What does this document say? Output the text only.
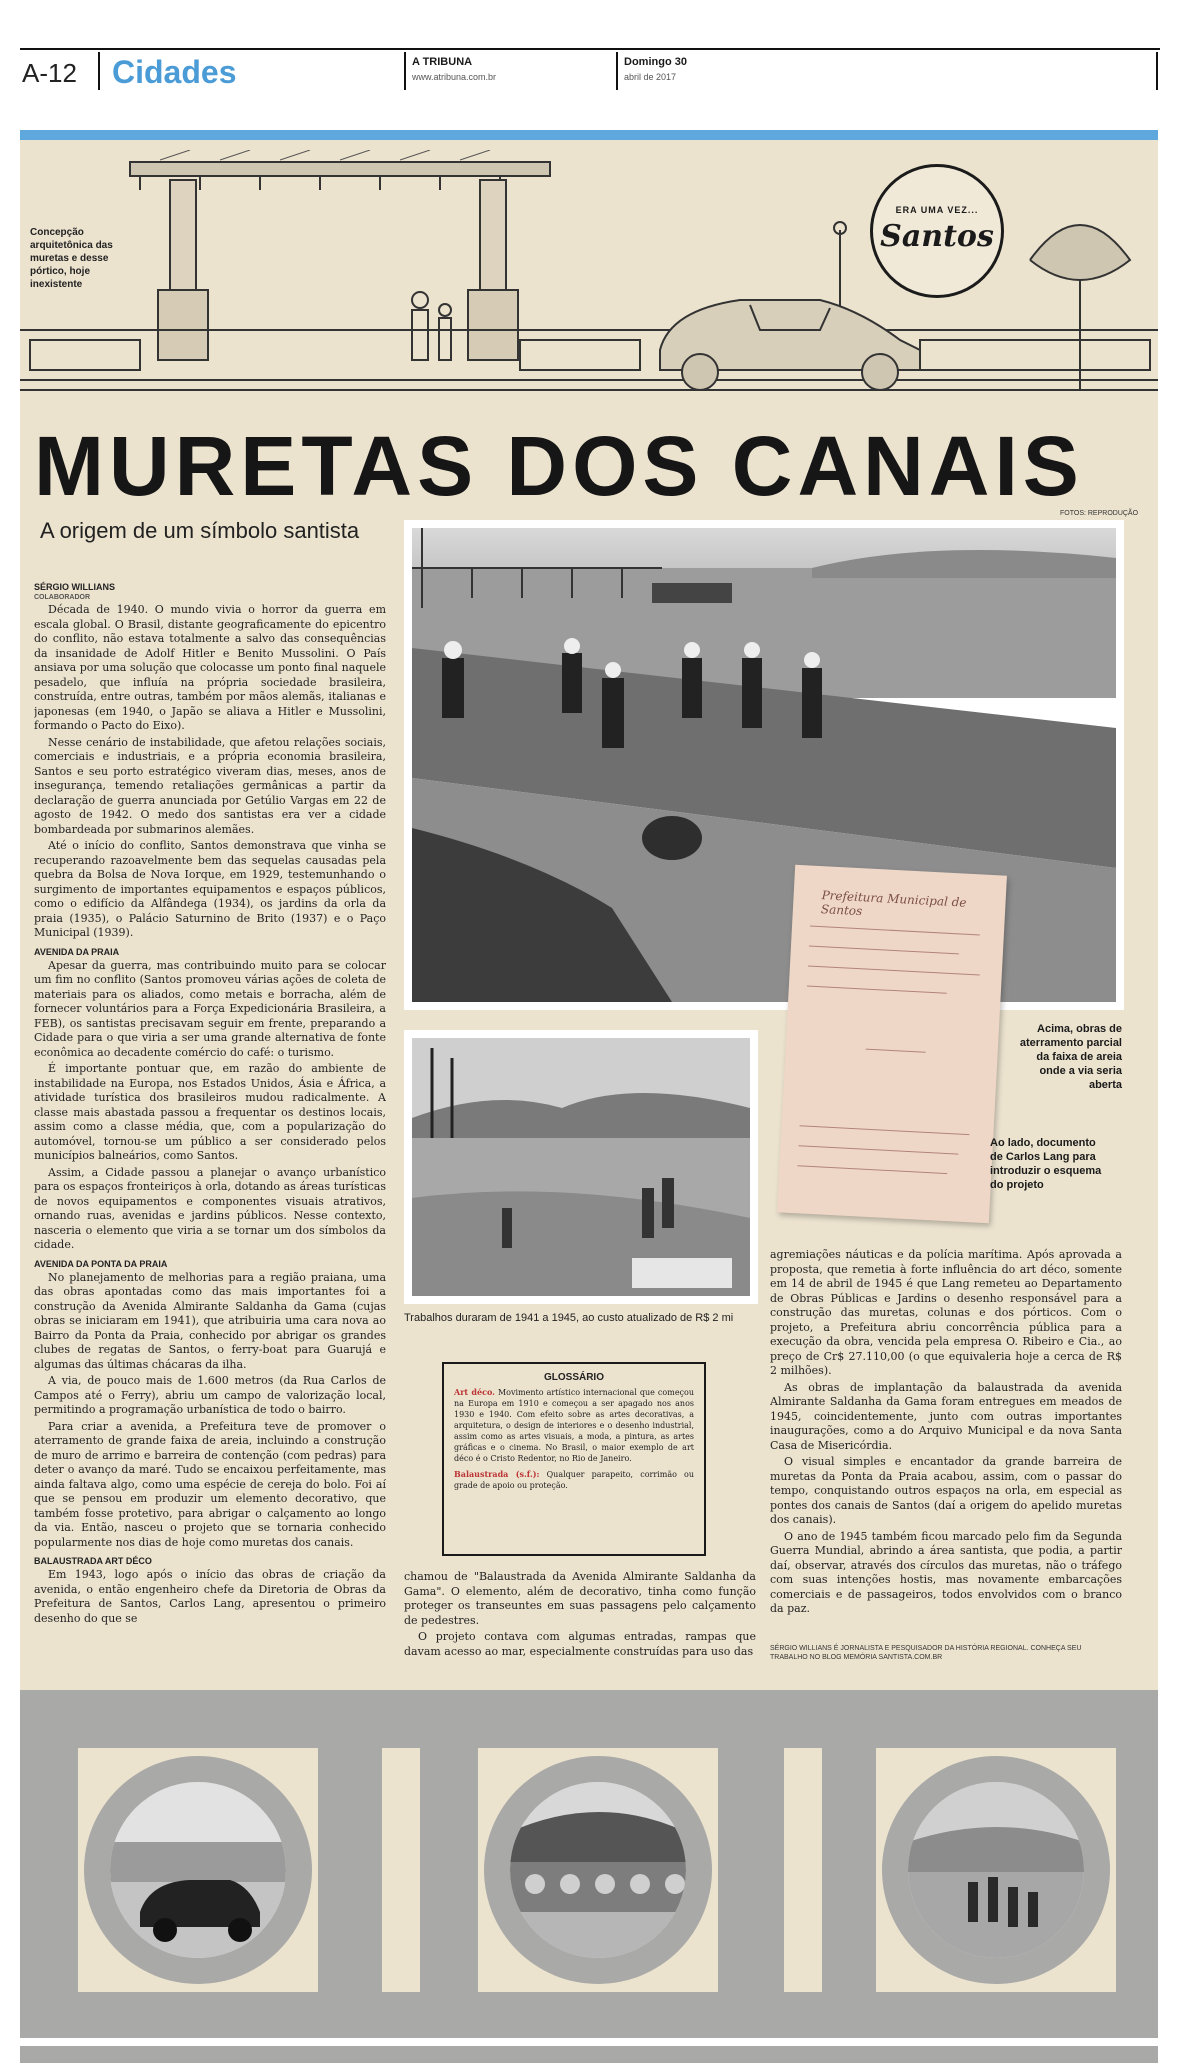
A-12 Cidades	A TRIBUNA
www.atribuna.com.br
Domingo 30
abril de 2017
Concepção arquitetônica das muretas e desse pórtico, hoje inexistente
ERA UMA VEZ...
Santos
MURETAS DOS CANAIS
FOTOS: REPRODUÇÃO
A origem de um símbolo santista

SÉRGIO WILLIANS

COLABORADOR

Década de 1940. O mundo vivia o horror da guerra em escala global. O Brasil, distante geograficamente do epicentro do conflito, não estava totalmente a salvo das consequências da insanidade de Adolf Hitler e Benito Mussolini. O País ansiava por uma solução que colocasse um ponto final naquele pesadelo, que influía na própria sociedade brasileira, construída, entre outras, também por mãos alemãs, italianas e japonesas (em 1940, o Japão se aliava a Hitler e Mussolini, formando o Pacto do Eixo).

Nesse cenário de instabilidade, que afetou relações sociais, comerciais e industriais, e a própria economia brasileira, Santos e seu porto estratégico viveram dias, meses, anos de insegurança, temendo retaliações germânicas a partir da declaração de guerra anunciada por Getúlio Vargas em 22 de agosto de 1942. O medo dos santistas era ver a cidade bombardeada por submarinos alemães.

Até o início do conflito, Santos demonstrava que vinha se recuperando razoavelmente bem das sequelas causadas pela quebra da Bolsa de Nova Iorque, em 1929, testemunhando o surgimento de importantes equipamentos e espaços públicos, como o edifício da Alfândega (1934), os jardins da orla da praia (1935), o Palácio Saturnino de Brito (1937) e o Paço Municipal (1939).

AVENIDA DA PRAIA

Apesar da guerra, mas contribuindo muito para se colocar um fim no conflito (Santos promoveu várias ações de coleta de materiais para os aliados, como metais e borracha, além de fornecer voluntários para a Força Expedicionária Brasileira, a FEB), os santistas precisavam seguir em frente, preparando a Cidade para o que viria a ser uma grande alternativa de fonte econômica ao decadente comércio do café: o turismo.

É importante pontuar que, em razão do ambiente de instabilidade na Europa, nos Estados Unidos, Ásia e África, a atividade turística dos brasileiros mudou radicalmente. A classe mais abastada passou a frequentar os destinos locais, assim como a classe média, que, com a popularização do automóvel, tornou-se um público a ser considerado pelos municípios balneários, como Santos.

Assim, a Cidade passou a planejar o avanço urbanístico para os espaços fronteiriços à orla, dotando as áreas turísticas de novos equipamentos e componentes visuais atrativos, ornando ruas, avenidas e jardins públicos. Nesse contexto, nasceria o elemento que viria a se tornar um dos símbolos da cidade.

AVENIDA DA PONTA DA PRAIA

No planejamento de melhorias para a região praiana, uma das obras apontadas como das mais importantes foi a construção da Avenida Almirante Saldanha da Gama (cujas obras se iniciaram em 1941), que atribuiria uma cara nova ao Bairro da Ponta da Praia, conhecido por abrigar os grandes clubes de regatas de Santos, o ferry-boat para Guarujá e algumas das últimas chácaras da ilha.

A via, de pouco mais de 1.600 metros (da Rua Carlos de Campos até o Ferry), abriu um campo de valorização local, permitindo a programação urbanística de todo o bairro.

Para criar a avenida, a Prefeitura teve de promover o aterramento de grande faixa de areia, incluindo a construção de muro de arrimo e barreira de contenção (com pedras) para deter o avanço da maré. Tudo se encaixou perfeitamente, mas ainda faltava algo, como uma espécie de cereja do bolo. Foi aí que se pensou em produzir um elemento decorativo, que também fosse protetivo, para abrigar o calçamento ao longo da via. Então, nasceu o projeto que se tornaria conhecido popularmente nos dias de hoje como muretas dos canais.

BALAUSTRADA ART DÉCO

Em 1943, logo após o início das obras de criação da avenida, o então engenheiro chefe da Diretoria de Obras da Prefeitura de Santos, Carlos Lang, apresentou o primeiro desenho do que se

chamou de "Balaustrada da Avenida Almirante Saldanha da Gama". O elemento, além de decorativo, tinha como função proteger os transeuntes em suas passagens pelo calçamento de pedestres.

O projeto contava com algumas entradas, rampas que davam acesso ao mar, especialmente construídas para uso das

agremiações náuticas e da polícia marítima. Após aprovada a proposta, que remetia à forte influência do art déco, somente em 14 de abril de 1945 é que Lang remeteu ao Departamento de Obras Públicas e Jardins o desenho responsável para a construção das muretas, colunas e dos pórticos. Com o projeto, a Prefeitura abriu concorrência pública para a execução da obra, vencida pela empresa O. Ribeiro e Cia., ao preço de Cr$ 27.110,00 (o que equivaleria hoje a cerca de R$ 2 milhões).

As obras de implantação da balaustrada da avenida Almirante Saldanha da Gama foram entregues em meados de 1945, coincidentemente, junto com outras importantes inaugurações, como a do Arquivo Municipal e da nova Santa Casa de Misericórdia.

O visual simples e encantador da grande barreira de muretas da Ponta da Praia acabou, assim, com o passar do tempo, conquistando outros espaços na orla, em especial as pontes dos canais de Santos (daí a origem do apelido muretas dos canais).

O ano de 1945 também ficou marcado pelo fim da Segunda Guerra Mundial, abrindo a área santista, que podia, a partir daí, observar, através dos círculos das muretas, não o tráfego com suas intenções hostis, mas novamente embarcações comerciais e de passageiros, todos envolvidos com o branco da paz.

SÉRGIO WILLIANS É JORNALISTA E PESQUISADOR DA HISTÓRIA REGIONAL. CONHEÇA SEU TRABALHO NO BLOG MEMÓRIA SANTISTA.COM.BR
Trabalhos duraram de 1941 a 1945, ao custo atualizado de R$ 2 mi
Prefeitura Municipal de Santos
Acima, obras de aterramento parcial da faixa de areia onde a via seria aberta
Ao lado, documento de Carlos Lang para introduzir o esquema do projeto
GLOSSÁRIO

Art déco. Movimento artístico internacional que começou na Europa em 1910 e começou a ser apagado nos anos 1930 e 1940. Com efeito sobre as artes decorativas, a arquitetura, o design de interiores e o desenho industrial, assim como as artes visuais, a moda, a pintura, as artes gráficas e o cinema. No Brasil, o maior exemplo de art déco é o Cristo Redentor, no Rio de Janeiro.

Balaustrada (s.f.): Qualquer parapeito, corrimão ou grade de apoio ou proteção.
